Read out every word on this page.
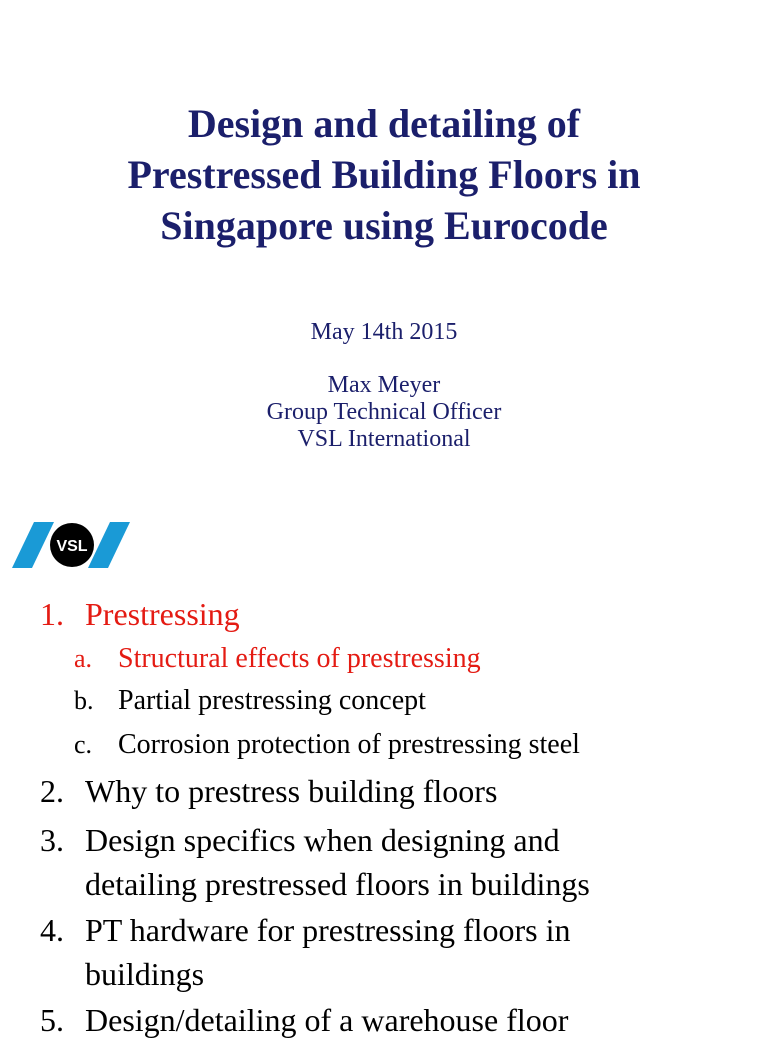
Design and detailing of
Prestressed Building Floors in
Singapore using Eurocode
May 14th 2015
Max Meyer
Group Technical Officer
VSL International
VSL
1. Prestressing
a. Structural effects of prestressing
b. Partial prestressing concept
c. Corrosion protection of prestressing steel
2. Why to prestress building floors
3. Design specifics when designing and
detailing prestressed floors in buildings
4. PT hardware for prestressing floors in
buildings
5. Design/detailing of a warehouse floor
